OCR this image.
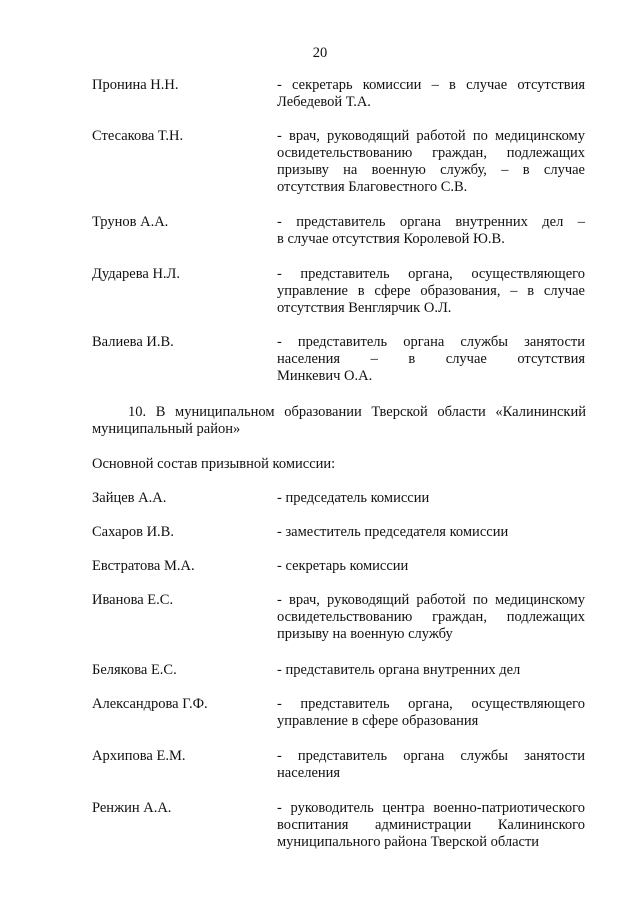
20
Пронина Н.Н.	- секретарь комиссии – в случае отсутствия
Лебедевой Т.А.
Стесакова Т.Н.	- врач, руководящий работой по медицинскому
освидетельствованию граждан, подлежащих
призыву на военную службу, – в случае
отсутствия Благовестного С.В.
Трунов А.А.	- представитель органа внутренних дел –
в случае отсутствия Королевой Ю.В.
Дударева Н.Л.	- представитель органа, осуществляющего
управление в сфере образования, – в случае
отсутствия Венглярчик О.Л.
Валиева И.В.	- представитель органа службы занятости
населения – в случае отсутствия
Минкевич О.А.

10. В муниципальном образовании Тверской области «Калининский
муниципальный район»

Основной состав призывной комиссии:

Зайцев А.А.	- председатель комиссии
Сахаров И.В.	- заместитель председателя комиссии
Евстратова М.А.	- секретарь комиссии
Иванова Е.С.	- врач, руководящий работой по медицинскому
освидетельствованию граждан, подлежащих
призыву на военную службу
Белякова Е.С.	- представитель органа внутренних дел
Александрова Г.Ф.	- представитель органа, осуществляющего
управление в сфере образования
Архипова Е.М.	- представитель органа службы занятости
населения
Ренжин А.А.	- руководитель центра военно-патриотического
воспитания администрации Калининского
муниципального района Тверской области
